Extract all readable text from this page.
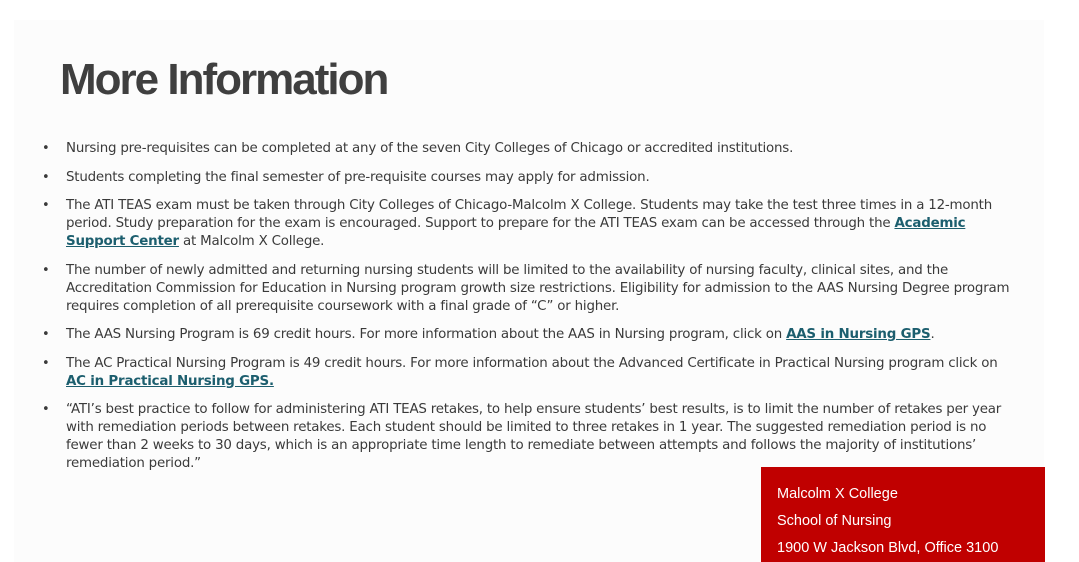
More Information
• Nursing pre-requisites can be completed at any of the seven City Colleges of Chicago or accredited institutions.
• Students completing the final semester of pre-requisite courses may apply for admission.
• The ATI TEAS exam must be taken through City Colleges of Chicago-Malcolm X College. Students may take the test three times in a 12-month period. Study preparation for the exam is encouraged. Support to prepare for the ATI TEAS exam can be accessed through the Academic Support Center at Malcolm X College.
• The number of newly admitted and returning nursing students will be limited to the availability of nursing faculty, clinical sites, and the Accreditation Commission for Education in Nursing program growth size restrictions. Eligibility for admission to the AAS Nursing Degree program requires completion of all prerequisite coursework with a final grade of “C” or higher.
• The AAS Nursing Program is 69 credit hours. For more information about the AAS in Nursing program, click on AAS in Nursing GPS.
• The AC Practical Nursing Program is 49 credit hours. For more information about the Advanced Certificate in Practical Nursing program click on AC in Practical Nursing GPS.
• “ATI’s best practice to follow for administering ATI TEAS retakes, to help ensure students’ best results, is to limit the number of retakes per year with remediation periods between retakes. Each student should be limited to three retakes in 1 year. The suggested remediation period is no fewer than 2 weeks to 30 days, which is an appropriate time length to remediate between attempts and follows the majority of institutions’ remediation period.”
Malcolm X College
School of Nursing
1900 W Jackson Blvd, Office 3100
